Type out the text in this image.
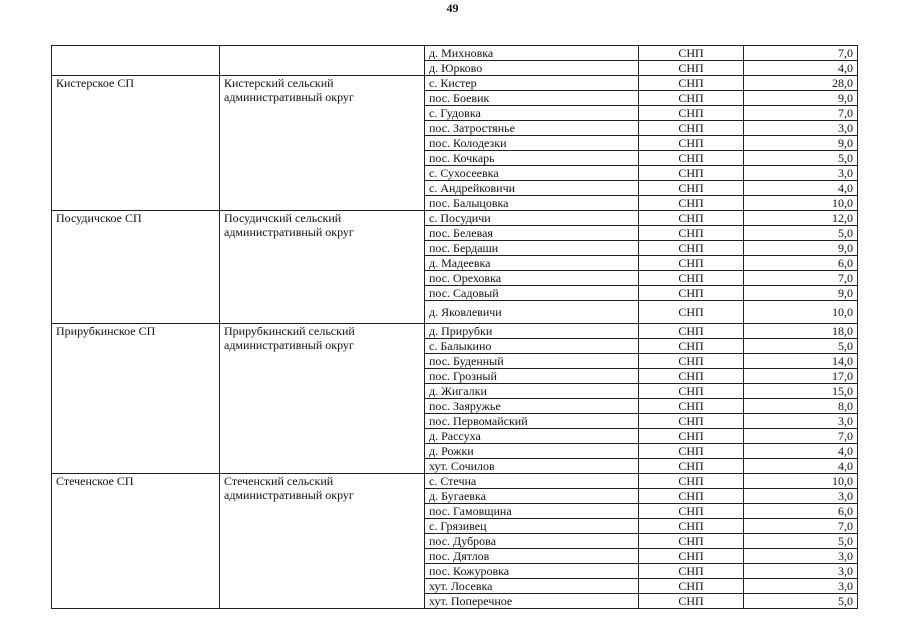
49
		д. Михновка	СНП	7,0
		д. Юрково	СНП	4,0
Кистерское СП	Кистерский сельский административный округ	с. Кистер	СНП	28,0
		пос. Боевик	СНП	9,0
		с. Гудовка	СНП	7,0
		пос. Затростянье	СНП	3,0
		пос. Колодезки	СНП	9,0
		пос. Кочкарь	СНП	5,0
		с. Сухосеевка	СНП	3,0
		с. Андрейковичи	СНП	4,0
		пос. Балыцовка	СНП	10,0
Посудичское СП	Посудичский сельский административный округ	с. Посудичи	СНП	12,0
		пос. Белевая	СНП	5,0
		пос. Бердаши	СНП	9,0
		д. Мадеевка	СНП	6,0
		пос. Ореховка	СНП	7,0
		пос. Садовый	СНП	9,0
		д. Яковлевичи	СНП	10,0
Прирубкинское СП	Прирубкинский сельский административный округ	д. Прирубки	СНП	18,0
		с. Балыкино	СНП	5,0
		пос. Буденный	СНП	14,0
		пос. Грозный	СНП	17,0
		д. Жигалки	СНП	15,0
		пос. Заяружье	СНП	8,0
		пос. Первомайский	СНП	3,0
		д. Рассуха	СНП	7,0
		д. Рожки	СНП	4,0
		хут. Сочилов	СНП	4,0
Стеченское СП	Стеченский сельский административный округ	с. Стечна	СНП	10,0
		д. Бугаевка	СНП	3,0
		пос. Гамовщина	СНП	6,0
		с. Грязивец	СНП	7,0
		пос. Дуброва	СНП	5,0
		пос. Дятлов	СНП	3,0
		пос. Кожуровка	СНП	3,0
		хут. Лосевка	СНП	3,0
		хут. Поперечное	СНП	5,0
